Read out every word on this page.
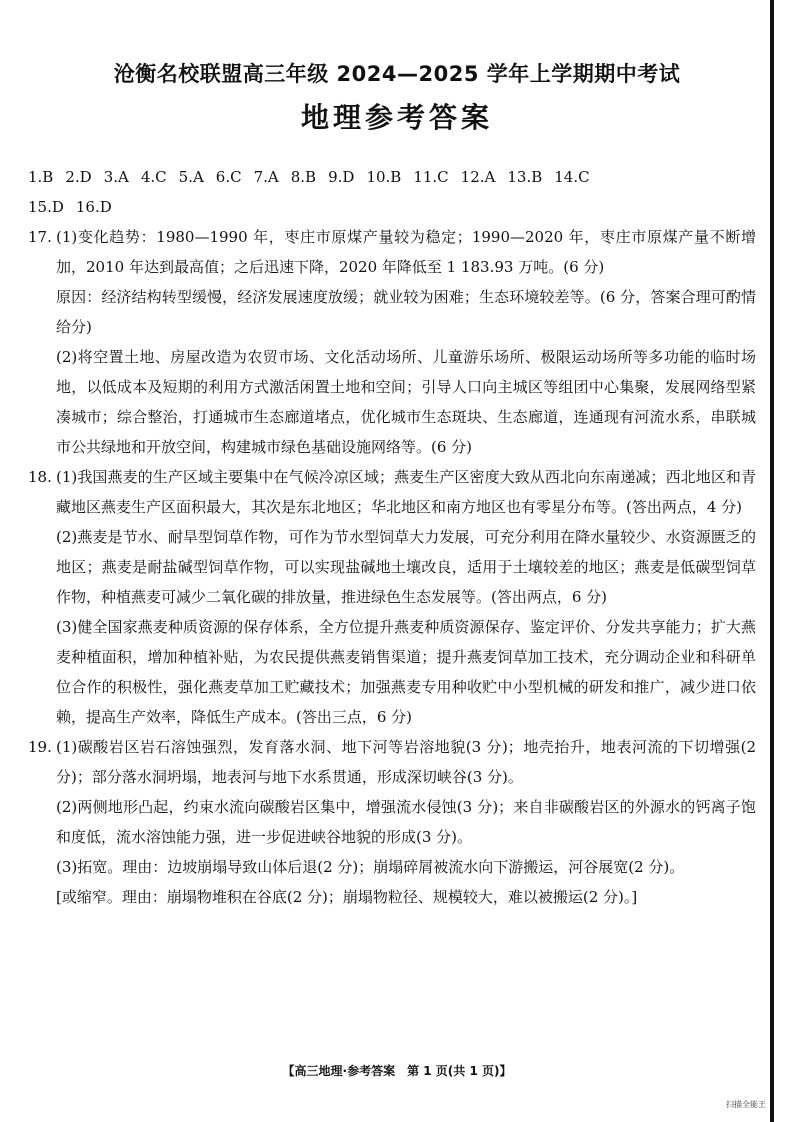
沧衡名校联盟高三年级 2024—2025 学年上学期期中考试
地理参考答案
1.B 2.D 3.A 4.C 5.A 6.C 7.A 8.B 9.D 10.B 11.C 12.A 13.B 14.C
15.D 16.D
17. (1)变化趋势：1980—1990 年，枣庄市原煤产量较为稳定；1990—2020 年，枣庄市原煤产量不断增加，2010 年达到最高值；之后迅速下降，2020 年降低至 1 183.93 万吨。(6 分)

原因：经济结构转型缓慢，经济发展速度放缓；就业较为困难；生态环境较差等。(6 分，答案合理可酌情给分)

(2)将空置土地、房屋改造为农贸市场、文化活动场所、儿童游乐场所、极限运动场所等多功能的临时场地，以低成本及短期的利用方式激活闲置土地和空间；引导人口向主城区等组团中心集聚，发展网络型紧凑城市；综合整治，打通城市生态廊道堵点，优化城市生态斑块、生态廊道，连通现有河流水系，串联城市公共绿地和开放空间，构建城市绿色基础设施网络等。(6 分)

18. (1)我国燕麦的生产区域主要集中在气候冷凉区域；燕麦生产区密度大致从西北向东南递减；西北地区和青藏地区燕麦生产区面积最大，其次是东北地区；华北地区和南方地区也有零星分布等。(答出两点，4 分)

(2)燕麦是节水、耐旱型饲草作物，可作为节水型饲草大力发展，可充分利用在降水量较少、水资源匮乏的地区；燕麦是耐盐碱型饲草作物，可以实现盐碱地土壤改良，适用于土壤较差的地区；燕麦是低碳型饲草作物，种植燕麦可减少二氧化碳的排放量，推进绿色生态发展等。(答出两点，6 分)

(3)健全国家燕麦种质资源的保存体系，全方位提升燕麦种质资源保存、鉴定评价、分发共享能力；扩大燕麦种植面积，增加种植补贴，为农民提供燕麦销售渠道；提升燕麦饲草加工技术，充分调动企业和科研单位合作的积极性，强化燕麦草加工贮藏技术；加强燕麦专用种收贮中小型机械的研发和推广，减少进口依赖，提高生产效率，降低生产成本。(答出三点，6 分)

19. (1)碳酸岩区岩石溶蚀强烈，发育落水洞、地下河等岩溶地貌(3 分)；地壳抬升，地表河流的下切增强(2 分)；部分落水洞坍塌，地表河与地下水系贯通，形成深切峡谷(3 分)。

(2)两侧地形凸起，约束水流向碳酸岩区集中，增强流水侵蚀(3 分)；来自非碳酸岩区的外源水的钙离子饱和度低，流水溶蚀能力强，进一步促进峡谷地貌的形成(3 分)。

(3)拓宽。理由：边坡崩塌导致山体后退(2 分)；崩塌碎屑被流水向下游搬运，河谷展宽(2 分)。

[或缩窄。理由：崩塌物堆积在谷底(2 分)；崩塌物粒径、规模较大，难以被搬运(2 分)。]

【高三地理·参考答案　第 1 页(共 1 页)】
扫描全能王
